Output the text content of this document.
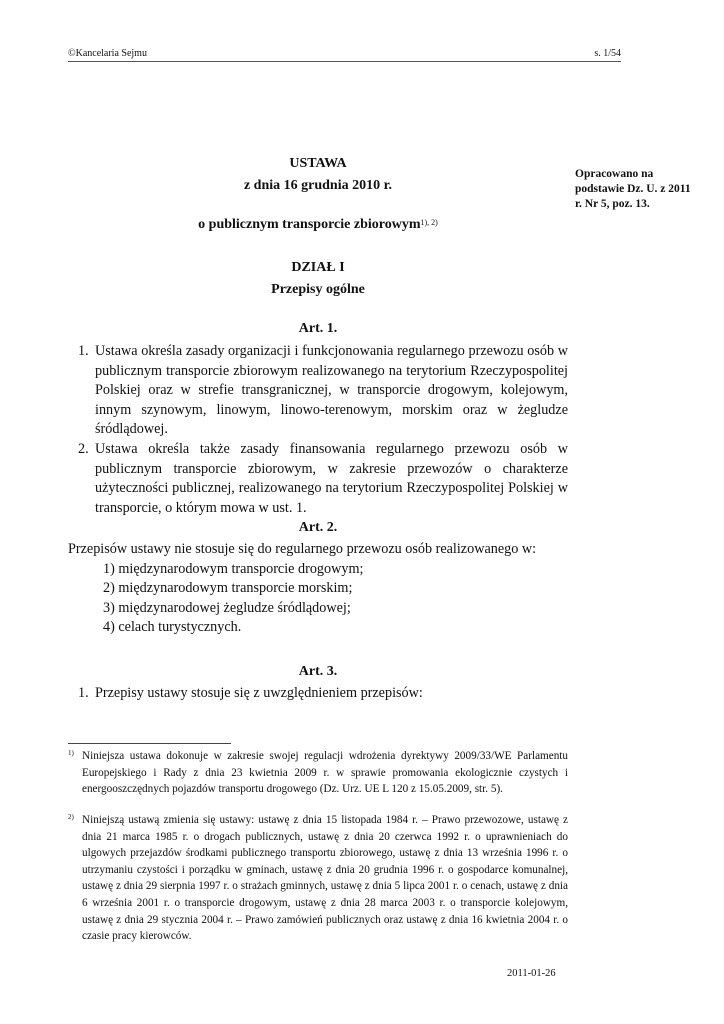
©Kancelaria Sejmu	s. 1/54
USTAWA
z dnia 16 grudnia 2010 r.
o publicznym transporcie zbiorowym$^{1), 2)}$
Opracowano na podstawie Dz. U. z 2011 r. Nr 5, poz. 13.
DZIAŁ I
Przepisy ogólne
Art. 1.
1. Ustawa określa zasady organizacji i funkcjonowania regularnego przewozu osób w publicznym transporcie zbiorowym realizowanego na terytorium Rzeczypospolitej Polskiej oraz w strefie transgranicznej, w transporcie drogowym, kolejowym, innym szynowym, linowym, linowo-terenowym, morskim oraz w żegludze śródlądowej.
2. Ustawa określa także zasady finansowania regularnego przewozu osób w publicznym transporcie zbiorowym, w zakresie przewozów o charakterze użyteczności publicznej, realizowanego na terytorium Rzeczypospolitej Polskiej w transporcie, o którym mowa w ust. 1.
Art. 2.
Przepisów ustawy nie stosuje się do regularnego przewozu osób realizowanego w:
1) międzynarodowym transporcie drogowym;
2) międzynarodowym transporcie morskim;
3) międzynarodowej żegludze śródlądowej;
4) celach turystycznych.
Art. 3.
1. Przepisy ustawy stosuje się z uwzględnieniem przepisów:
1) Niniejsza ustawa dokonuje w zakresie swojej regulacji wdrożenia dyrektywy 2009/33/WE Parlamentu Europejskiego i Rady z dnia 23 kwietnia 2009 r. w sprawie promowania ekologicznie czystych i energooszczędnych pojazdów transportu drogowego (Dz. Urz. UE L 120 z 15.05.2009, str. 5).
2) Niniejszą ustawą zmienia się ustawy: ustawę z dnia 15 listopada 1984 r. – Prawo przewozowe, ustawę z dnia 21 marca 1985 r. o drogach publicznych, ustawę z dnia 20 czerwca 1992 r. o uprawnieniach do ulgowych przejazdów środkami publicznego transportu zbiorowego, ustawę z dnia 13 września 1996 r. o utrzymaniu czystości i porządku w gminach, ustawę z dnia 20 grudnia 1996 r. o gospodarce komunalnej, ustawę z dnia 29 sierpnia 1997 r. o strażach gminnych, ustawę z dnia 5 lipca 2001 r. o cenach, ustawę z dnia 6 września 2001 r. o transporcie drogowym, ustawę z dnia 28 marca 2003 r. o transporcie kolejowym, ustawę z dnia 29 stycznia 2004 r. – Prawo zamówień publicznych oraz ustawę z dnia 16 kwietnia 2004 r. o czasie pracy kierowców.
2011-01-26
